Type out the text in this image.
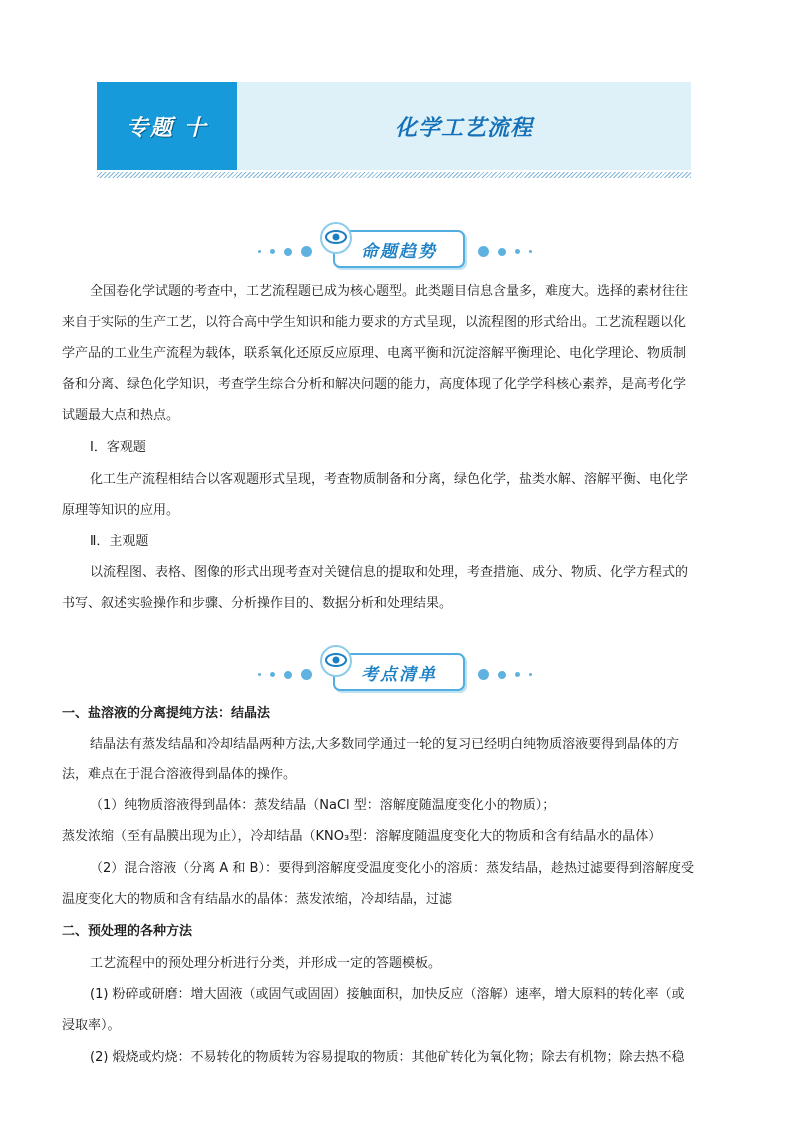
专题 十	化学工艺流程
命题趋势
全国卷化学试题的考查中，工艺流程题已成为核心题型。此类题目信息含量多，难度大。选择的素材往往
来自于实际的生产工艺，以符合高中学生知识和能力要求的方式呈现，以流程图的形式给出。工艺流程题以化
学产品的工业生产流程为载体，联系氧化还原反应原理、电离平衡和沉淀溶解平衡理论、电化学理论、物质制
备和分离、绿色化学知识，考查学生综合分析和解决问题的能力，高度体现了化学学科核心素养，是高考化学
试题最大点和热点。
Ⅰ．客观题
化工生产流程相结合以客观题形式呈现，考查物质制备和分离，绿色化学，盐类水解、溶解平衡、电化学
原理等知识的应用。
Ⅱ．主观题
以流程图、表格、图像的形式出现考查对关键信息的提取和处理，考查措施、成分、物质、化学方程式的
书写、叙述实验操作和步骤、分析操作目的、数据分析和处理结果。
考点清单
一、盐溶液的分离提纯方法：结晶法
结晶法有蒸发结晶和冷却结晶两种方法,大多数同学通过一轮的复习已经明白纯物质溶液要得到晶体的方
法，难点在于混合溶液得到晶体的操作。
（1）纯物质溶液得到晶体：蒸发结晶（NaCl 型：溶解度随温度变化小的物质）；
蒸发浓缩（至有晶膜出现为止），冷却结晶（KNO₃型：溶解度随温度变化大的物质和含有结晶水的晶体）
（2）混合溶液（分离 A 和 B）：要得到溶解度受温度变化小的溶质：蒸发结晶，趁热过滤要得到溶解度受
温度变化大的物质和含有结晶水的晶体：蒸发浓缩，冷却结晶，过滤
二、预处理的各种方法
工艺流程中的预处理分析进行分类，并形成一定的答题模板。
(1) 粉碎或研磨：增大固液（或固气或固固）接触面积，加快反应（溶解）速率，增大原料的转化率（或
浸取率）。
(2) 煅烧或灼烧：不易转化的物质转为容易提取的物质：其他矿转化为氧化物；除去有机物；除去热不稳
